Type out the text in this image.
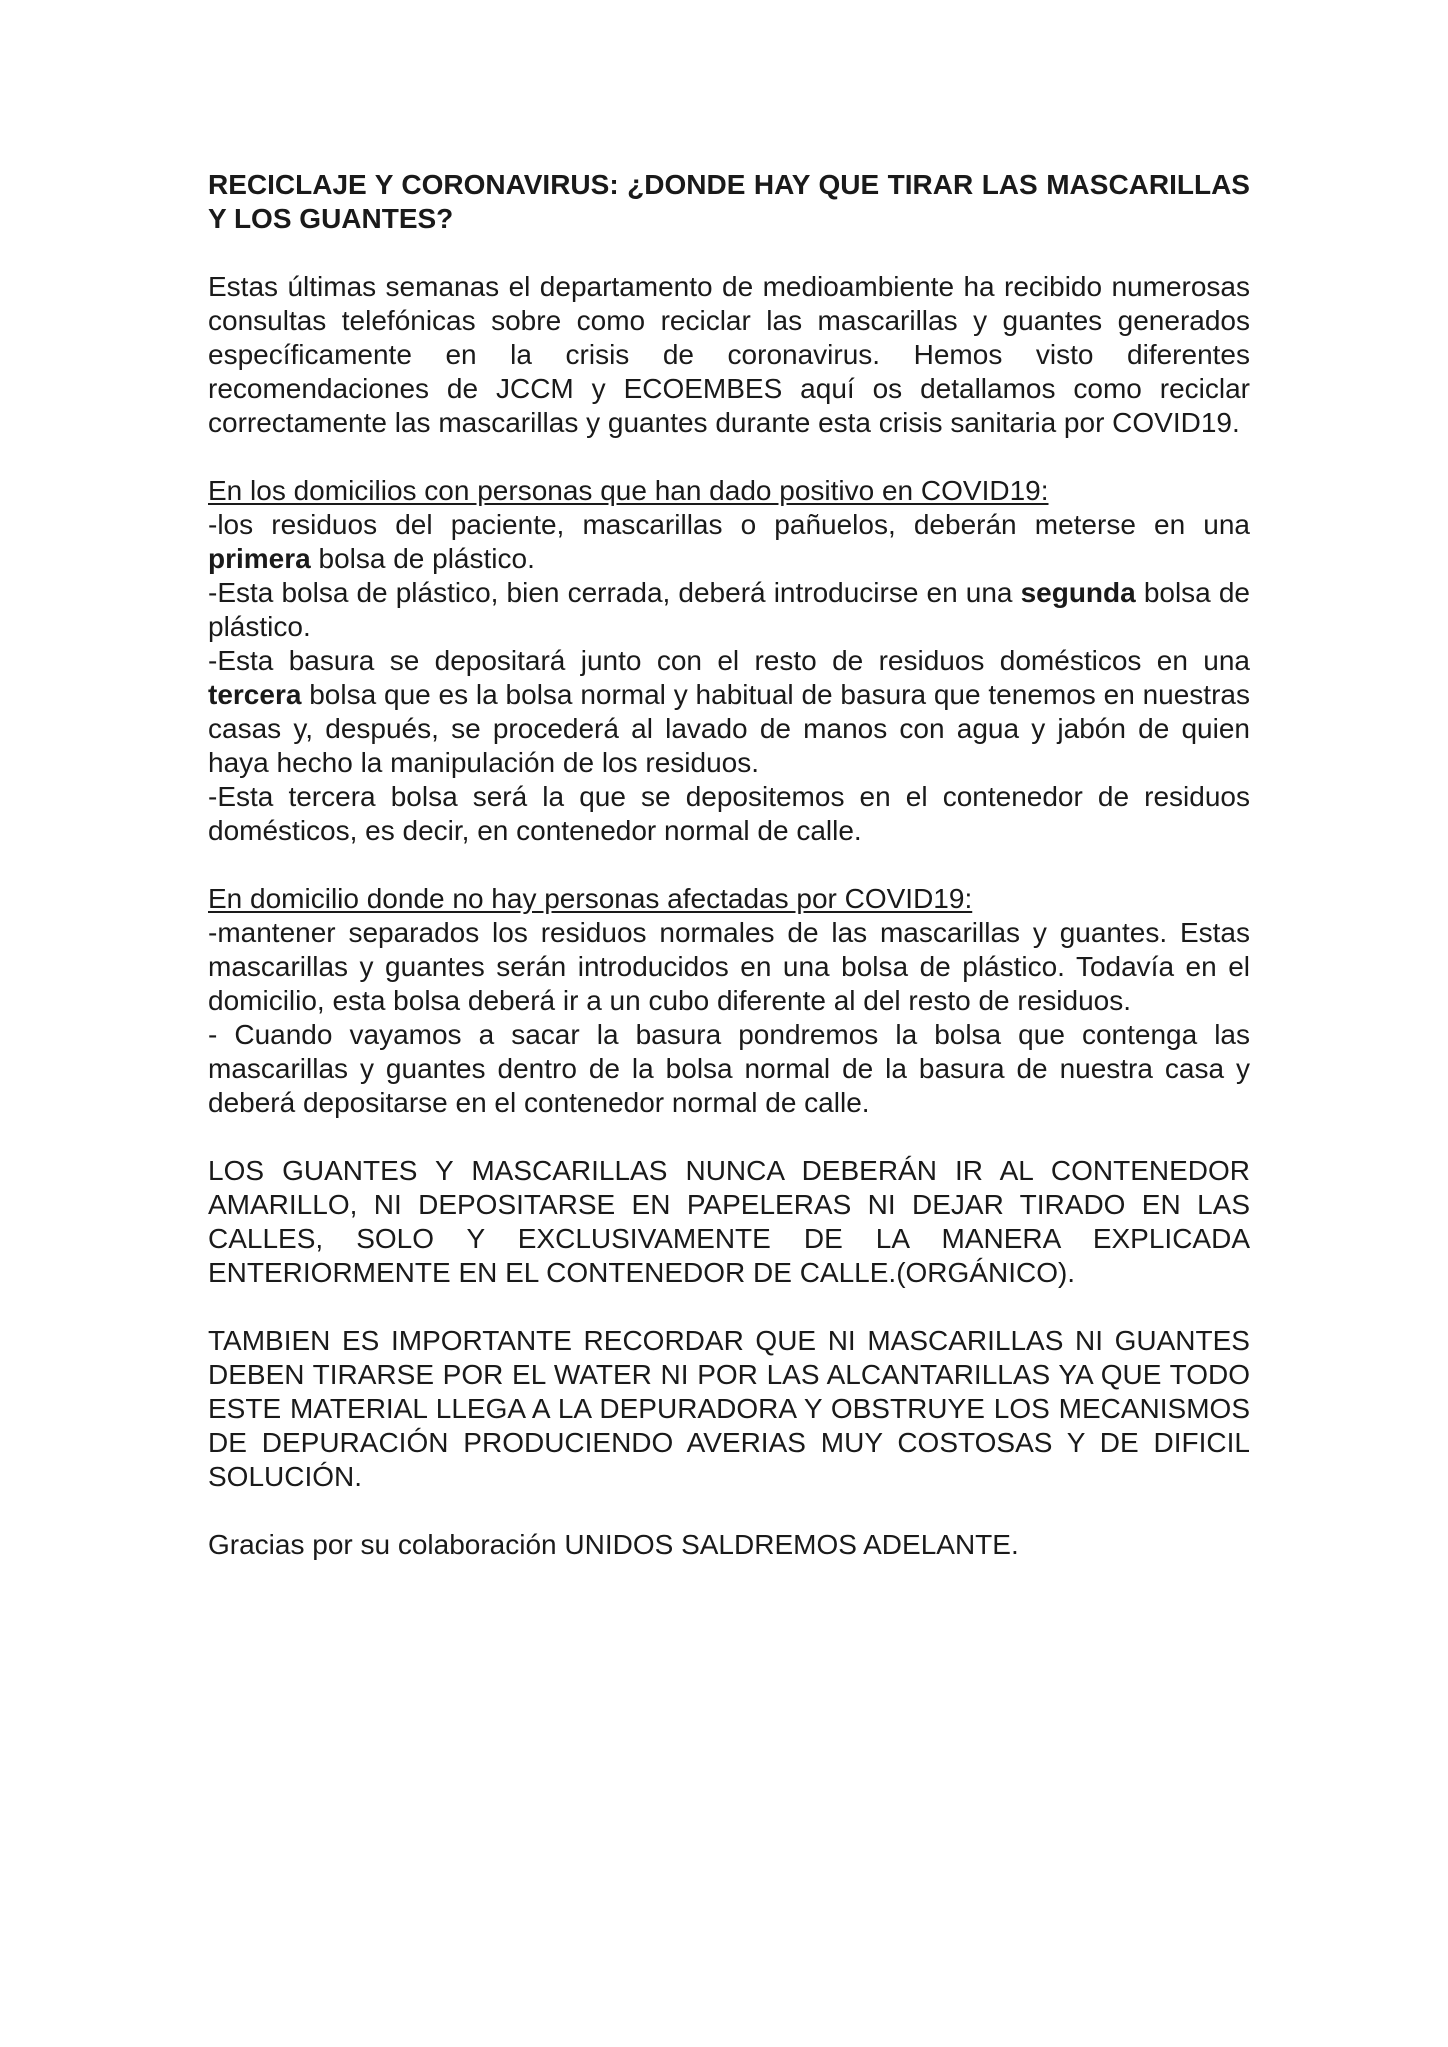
RECICLAJE Y CORONAVIRUS: ¿DONDE HAY QUE TIRAR LAS MASCARILLAS Y LOS GUANTES?

Estas últimas semanas el departamento de medioambiente ha recibido numerosas consultas telefónicas sobre como reciclar las mascarillas y guantes generados específicamente en la crisis de coronavirus. Hemos visto diferentes recomendaciones de JCCM y ECOEMBES aquí os detallamos como reciclar correctamente las mascarillas y guantes durante esta crisis sanitaria por COVID19.

En los domicilios con personas que han dado positivo en COVID19:

-los residuos del paciente, mascarillas o pañuelos, deberán meterse en una primera bolsa de plástico.

-Esta bolsa de plástico, bien cerrada, deberá introducirse en una segunda bolsa de plástico.

-Esta basura se depositará junto con el resto de residuos domésticos en una tercera bolsa que es la bolsa normal y habitual de basura que tenemos en nuestras casas y, después, se procederá al lavado de manos con agua y jabón de quien haya hecho la manipulación de los residuos.

-Esta tercera bolsa será la que se depositemos en el contenedor de residuos domésticos, es decir, en contenedor normal de calle.

En domicilio donde no hay personas afectadas por COVID19:

-mantener separados los residuos normales de las mascarillas y guantes. Estas mascarillas y guantes serán introducidos en una bolsa de plástico. Todavía en el domicilio, esta bolsa deberá ir a un cubo diferente al del resto de residuos.

- Cuando vayamos a sacar la basura pondremos la bolsa que contenga las mascarillas y guantes dentro de la bolsa normal de la basura de nuestra casa y deberá depositarse en el contenedor normal de calle.

LOS GUANTES Y MASCARILLAS NUNCA DEBERÁN IR AL CONTENEDOR AMARILLO, NI DEPOSITARSE EN PAPELERAS NI DEJAR TIRADO EN LAS CALLES, SOLO Y EXCLUSIVAMENTE DE LA MANERA EXPLICADA ENTERIORMENTE EN EL CONTENEDOR DE CALLE.(ORGÁNICO).

TAMBIEN ES IMPORTANTE RECORDAR QUE NI MASCARILLAS NI GUANTES DEBEN TIRARSE POR EL WATER NI POR LAS ALCANTARILLAS YA QUE TODO ESTE MATERIAL LLEGA A LA DEPURADORA Y OBSTRUYE LOS MECANISMOS DE DEPURACIÓN PRODUCIENDO AVERIAS MUY COSTOSAS Y DE DIFICIL SOLUCIÓN.

Gracias por su colaboración UNIDOS SALDREMOS ADELANTE.
